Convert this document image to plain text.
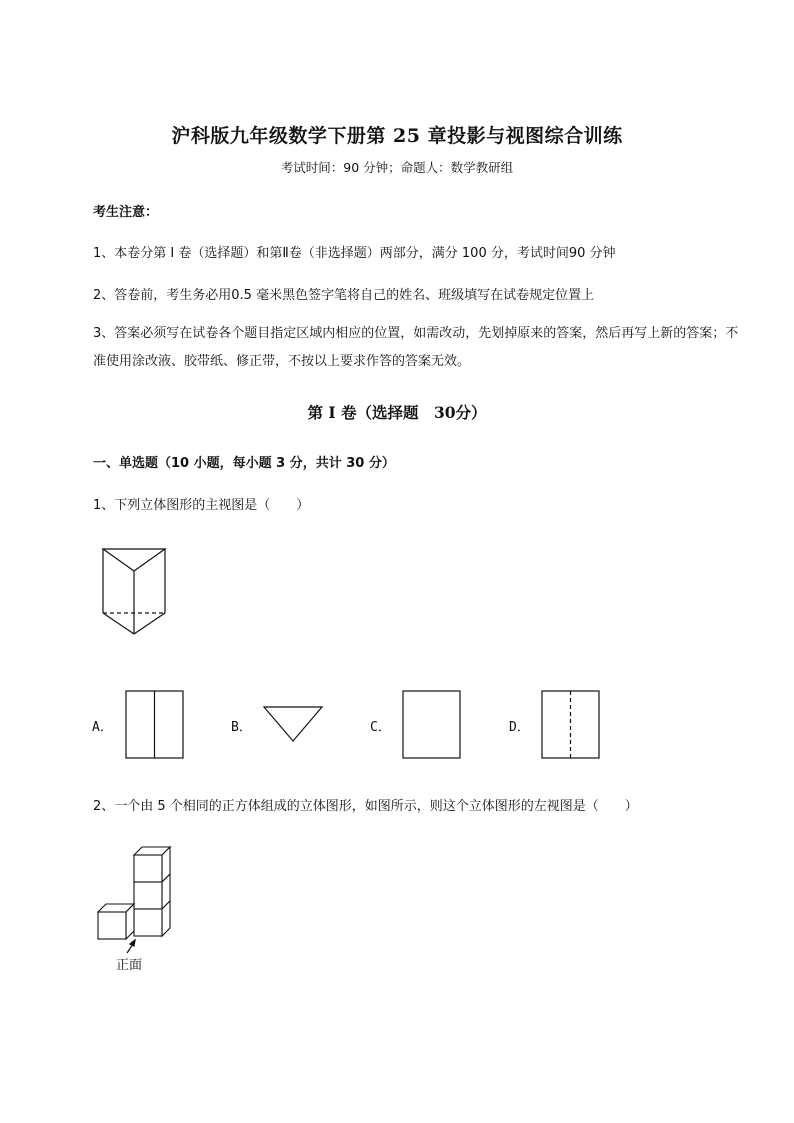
沪科版九年级数学下册第 25 章投影与视图综合训练
考试时间：90 分钟；命题人：数学教研组
考生注意：
1、本卷分第 I 卷（选择题）和第Ⅱ卷（非选择题）两部分，满分 100 分，考试时间90 分钟
2、答卷前，考生务必用0.5 毫米黑色签字笔将自己的姓名、班级填写在试卷规定位置上
3、答案必须写在试卷各个题目指定区域内相应的位置，如需改动，先划掉原来的答案，然后再写上新的答案；不准使用涂改液、胶带纸、修正带，不按以上要求作答的答案无效。
第 I 卷（选择题　30分）
一、单选题（10 小题，每小题 3 分，共计 30 分）
1、下列立体图形的主视图是（　　）
A．	B．	C．	D．
2、一个由 5 个相同的正方体组成的立体图形，如图所示，则这个立体图形的左视图是（　　）
正面
